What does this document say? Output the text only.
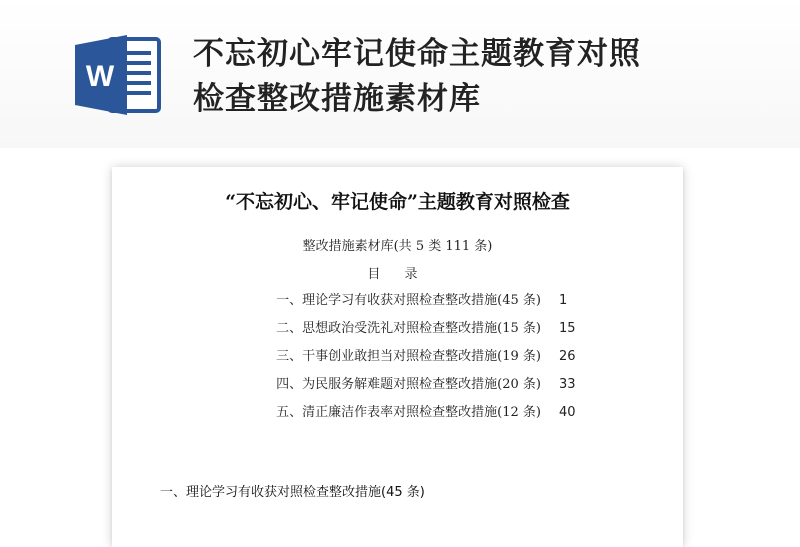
W
不忘初心牢记使命主题教育对照
检查整改措施素材库
“不忘初心、牢记使命”主题教育对照检查
整改措施素材库(共 5 类 111 条)
目 录
一、理论学习有收获对照检查整改措施(45 条) 1
二、思想政治受洗礼对照检查整改措施(15 条) 15
三、干事创业敢担当对照检查整改措施(19 条) 26
四、为民服务解难题对照检查整改措施(20 条) 33
五、清正廉洁作表率对照检查整改措施(12 条) 40
一、理论学习有收获对照检查整改措施(45 条)
